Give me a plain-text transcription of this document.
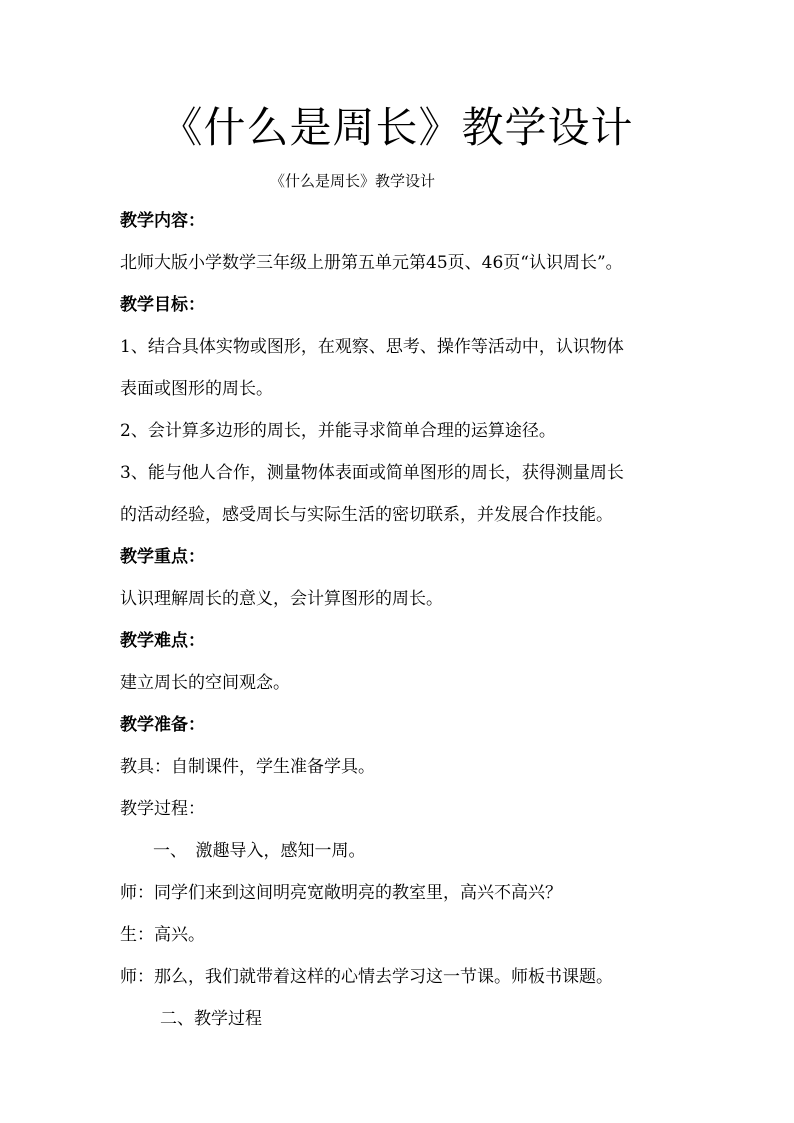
《什么是周长》教学设计

《什么是周长》教学设计

教学内容：

北师大版小学数学三年级上册第五单元第45页、46页“认识周长”。

教学目标：

1、结合具体实物或图形，在观察、思考、操作等活动中，认识物体

表面或图形的周长。

2、会计算多边形的周长，并能寻求简单合理的运算途径。

3、能与他人合作，测量物体表面或简单图形的周长，获得测量周长

的活动经验，感受周长与实际生活的密切联系，并发展合作技能。

教学重点：

认识理解周长的意义，会计算图形的周长。

教学难点：

建立周长的空间观念。

教学准备：

教具：自制课件，学生准备学具。

教学过程：

一、　激趣导入，感知一周。

师：同学们来到这间明亮宽敞明亮的教室里，高兴不高兴？

生：高兴。

师：那么，我们就带着这样的心情去学习这一节课。师板书课题。

二、教学过程
